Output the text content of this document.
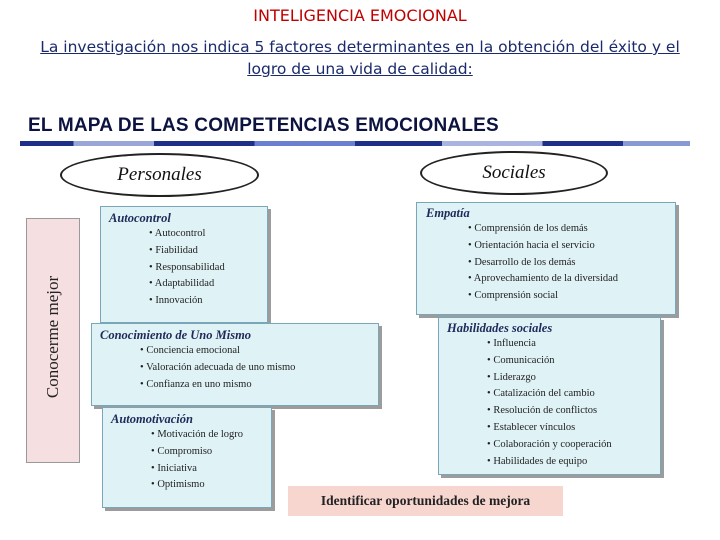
INTELIGENCIA EMOCIONAL
La investigación nos indica 5 factores determinantes en la obtención del éxito y el logro de una vida de calidad:
EL MAPA DE LAS COMPETENCIAS EMOCIONALES
Personales	Sociales
Conocerme mejor
Autocontrol
• Autocontrol
• Fiabilidad
• Responsabilidad
• Adaptabilidad
• Innovación
Conocimiento de Uno Mismo
• Conciencia emocional
• Valoración adecuada de uno mismo
• Confianza en uno mismo
Automotivación
• Motivación de logro
• Compromiso
• Iniciativa
• Optimismo
Empatía
• Comprensión de los demás
• Orientación hacia el servicio
• Desarrollo de los demás
• Aprovechamiento de la diversidad
• Comprensión social
Habilidades sociales
• Influencia
• Comunicación
• Liderazgo
• Catalización del cambio
• Resolución de conflictos
• Establecer vínculos
• Colaboración y cooperación
• Habilidades de equipo
Identificar oportunidades de mejora
